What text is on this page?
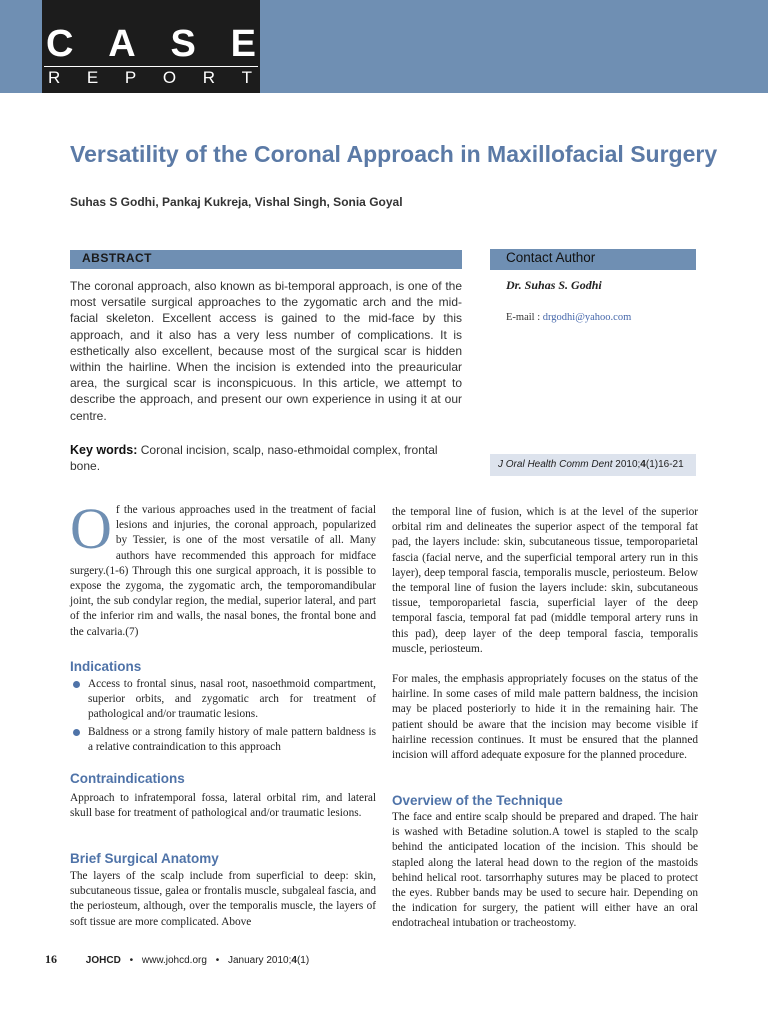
C A S E
R E P O R T
Versatility of the Coronal Approach in Maxillofacial Surgery
Suhas S Godhi, Pankaj Kukreja, Vishal Singh, Sonia Goyal
ABSTRACT

The coronal approach, also known as bi-temporal approach, is one of the most versatile surgical approaches to the zygomatic arch and the mid-facial skeleton. Excellent access is gained to the mid-face by this approach, and it also has a very less number of complications. It is esthetically also excellent, because most of the surgical scar is hidden within the hairline. When the incision is extended into the preauricular area, the surgical scar is inconspicuous. In this article, we attempt to describe the approach, and present our own experience in using it at our centre.

Key words: Coronal incision, scalp, naso-ethmoidal complex, frontal bone.

Contact Author
Dr. Suhas S. Godhi
E-mail : drgodhi@yahoo.com
J Oral Health Comm Dent 2010;4(1)16-21
Of the various approaches used in the treatment of facial lesions and injuries, the coronal approach, popularized by Tessier, is one of the most versatile of all. Many authors have recommended this approach for midface surgery.(1-6) Through this one surgical approach, it is possible to expose the zygoma, the zygomatic arch, the temporomandibular joint, the sub condylar region, the medial, superior lateral, and part of the inferior rim and walls, the nasal bones, the frontal bone and the calvaria.(7)
Indications
Access to frontal sinus, nasal root, nasoethmoid compartment, superior orbits, and zygomatic arch for treatment of pathological and/or traumatic lesions.
Baldness or a strong family history of male pattern baldness is a relative contraindication to this approach
Contraindications

Approach to infratemporal fossa, lateral orbital rim, and lateral skull base for treatment of pathological and/or traumatic lesions.

Brief Surgical Anatomy

The layers of the scalp include from superficial to deep: skin, subcutaneous tissue, galea or frontalis muscle, subgaleal fascia, and the periosteum, although, over the temporalis muscle, the layers of soft tissue are more complicated. Above

the temporal line of fusion, which is at the level of the superior orbital rim and delineates the superior aspect of the temporal fat pad, the layers include: skin, subcutaneous tissue, temporoparietal fascia (facial nerve, and the superficial temporal artery run in this layer), deep temporal fascia, temporalis muscle, periosteum. Below the temporal line of fusion the layers include: skin, subcutaneous tissue, temporoparietal fascia, superficial layer of the deep temporal fascia, temporal fat pad (middle temporal artery runs in this pad), deep layer of the deep temporal fascia, temporalis muscle, periosteum.

For males, the emphasis appropriately focuses on the status of the hairline. In some cases of mild male pattern baldness, the incision may be placed posteriorly to hide it in the remaining hair. The patient should be aware that the incision may become visible if hairline recession continues. It must be ensured that the planned incision will afford adequate exposure for the planned procedure.

Overview of the Technique

The face and entire scalp should be prepared and draped. The hair is washed with Betadine solution.A towel is stapled to the scalp behind the anticipated location of the incision. This should be stapled along the lateral head down to the region of the mastoids behind helical root. tarsorrhaphy sutures may be placed to protect the eyes. Rubber bands may be used to secure hair. Depending on the indication for surgery, the patient will either have an oral endotracheal intubation or tracheostomy.

16	JOHCD • www.johcd.org • January 2010;4(1)
